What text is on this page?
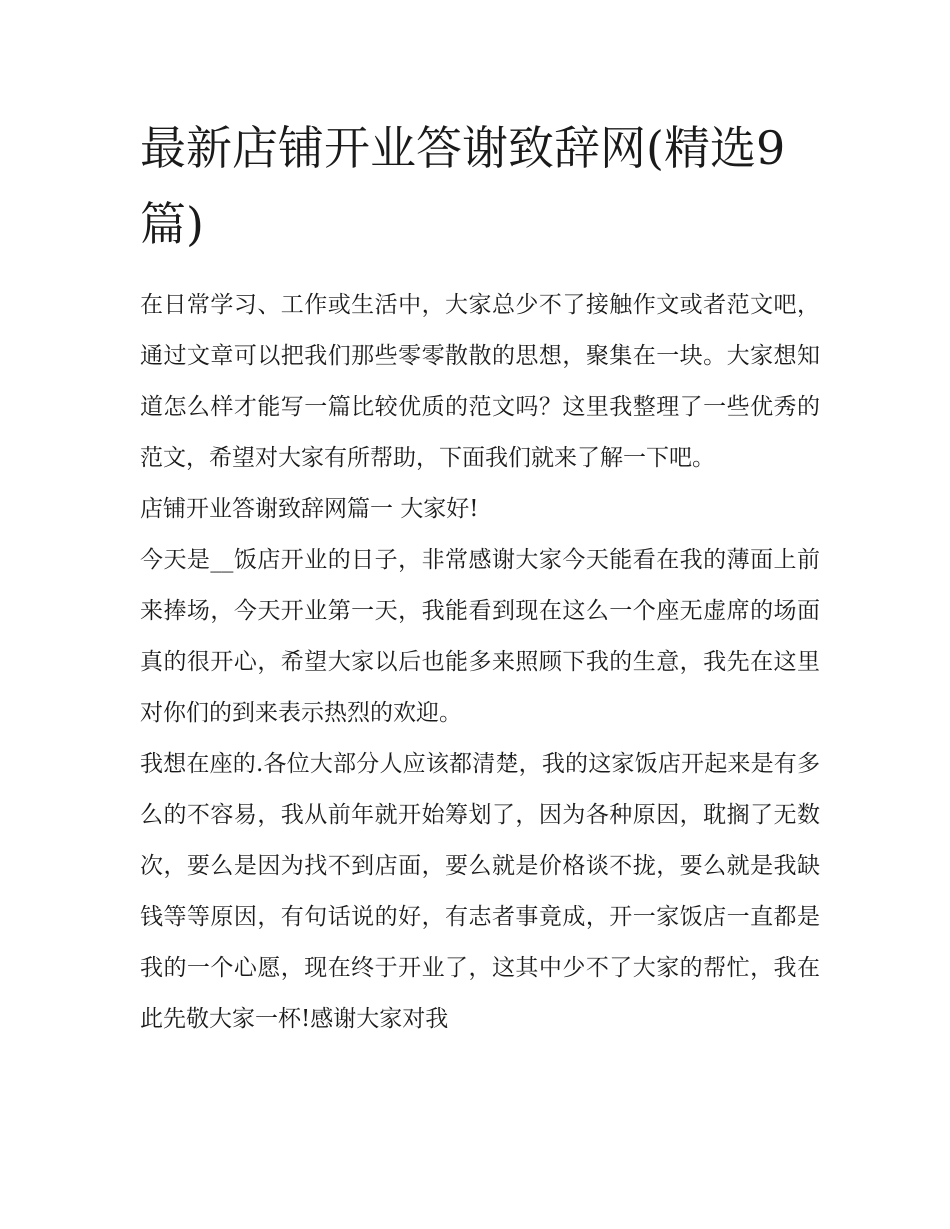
最新店铺开业答谢致辞网(精选9篇)

在日常学习、工作或生活中，大家总少不了接触作文或者范文吧，通过文章可以把我们那些零零散散的思想，聚集在一块。大家想知道怎么样才能写一篇比较优质的范文吗？这里我整理了一些优秀的范文，希望对大家有所帮助，下面我们就来了解一下吧。

店铺开业答谢致辞网篇一 大家好!

今天是__饭店开业的日子，非常感谢大家今天能看在我的薄面上前来捧场，今天开业第一天，我能看到现在这么一个座无虚席的场面真的很开心，希望大家以后也能多来照顾下我的生意，我先在这里对你们的到来表示热烈的欢迎。

我想在座的.各位大部分人应该都清楚，我的这家饭店开起来是有多么的不容易，我从前年就开始筹划了，因为各种原因，耽搁了无数次，要么是因为找不到店面，要么就是价格谈不拢，要么就是我缺钱等等原因，有句话说的好，有志者事竟成，开一家饭店一直都是我的一个心愿，现在终于开业了，这其中少不了大家的帮忙，我在此先敬大家一杯!感谢大家对我
